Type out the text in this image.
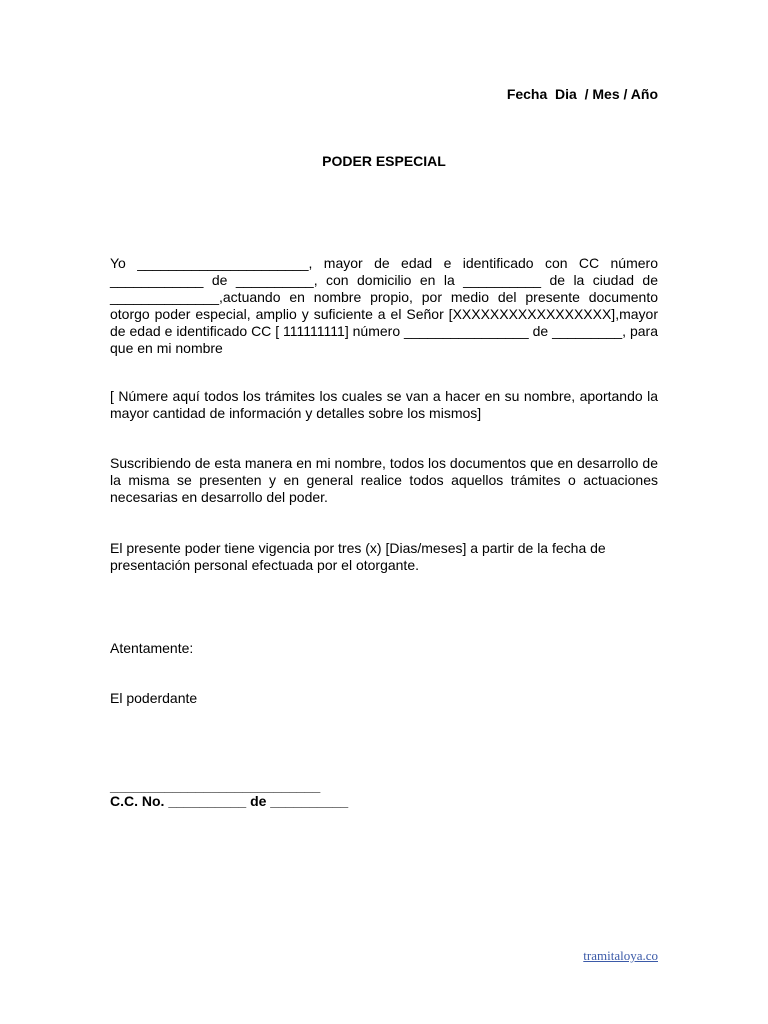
Fecha  Dia  / Mes / Año
PODER ESPECIAL
Yo ______________________, mayor de edad e identificado con CC número ____________ de __________, con domicilio en la __________ de la ciudad de ______________,actuando en nombre propio, por medio del presente documento otorgo poder especial, amplio y suficiente a el Señor [XXXXXXXXXXXXXXXXX],mayor de edad e identificado CC [ 111111111] número ________________ de _________, para que en mi nombre
[ Númere aquí todos los trámites los cuales se van a hacer en su nombre, aportando la mayor cantidad de información y detalles sobre los mismos]
Suscribiendo de esta manera en mi nombre, todos los documentos que en desarrollo de la misma se presenten y en general realice todos aquellos trámites o actuaciones necesarias en desarrollo del poder.
El presente poder tiene vigencia por tres (x) [Dias/meses] a partir de la fecha de presentación personal efectuada por el otorgante.
Atentamente:
El poderdante
___________________________
C.C. No. __________ de __________
tramitaloya.co
